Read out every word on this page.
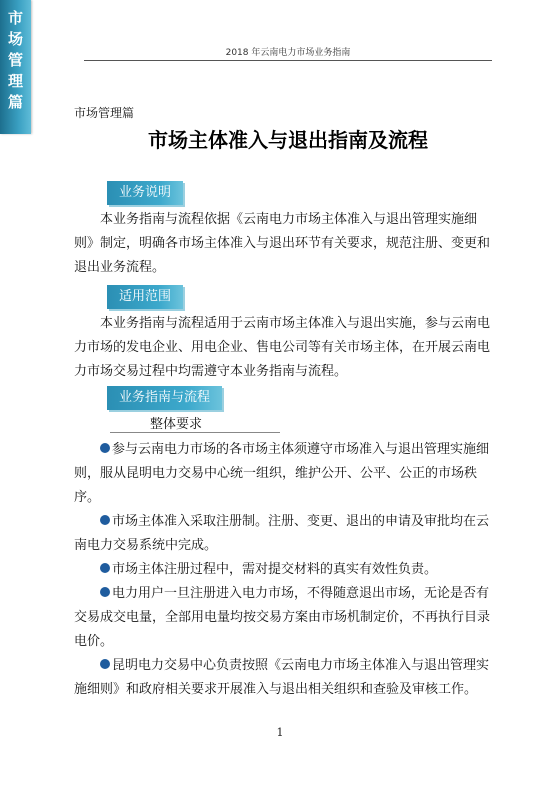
市场管理篇	2018 年云南电力市场业务指南
市场管理篇
市场主体准入与退出指南及流程
业务说明
本业务指南与流程依据《云南电力市场主体准入与退出管理实施细则》制定，明确各市场主体准入与退出环节有关要求，规范注册、变更和退出业务流程。
适用范围
本业务指南与流程适用于云南市场主体准入与退出实施，参与云南电力市场的发电企业、用电企业、售电公司等有关市场主体，在开展云南电力市场交易过程中均需遵守本业务指南与流程。
业务指南与流程
整体要求
参与云南电力市场的各市场主体须遵守市场准入与退出管理实施细则，服从昆明电力交易中心统一组织，维护公开、公平、公正的市场秩序。
市场主体准入采取注册制。注册、变更、退出的申请及审批均在云南电力交易系统中完成。
市场主体注册过程中，需对提交材料的真实有效性负责。
电力用户一旦注册进入电力市场，不得随意退出市场，无论是否有交易成交电量，全部用电量均按交易方案由市场机制定价，不再执行目录电价。
昆明电力交易中心负责按照《云南电力市场主体准入与退出管理实施细则》和政府相关要求开展准入与退出相关组织和查验及审核工作。
1
